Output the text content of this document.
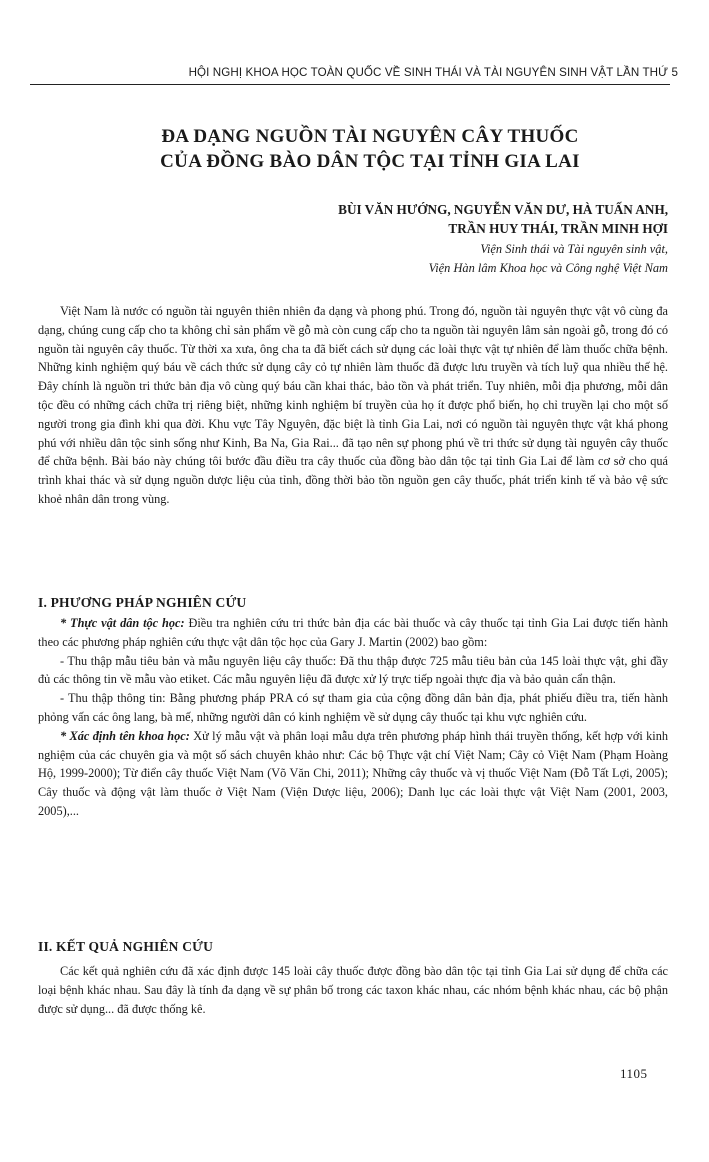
HỘI NGHỊ KHOA HỌC TOÀN QUỐC VỀ SINH THÁI VÀ TÀI NGUYÊN SINH VẬT LẦN THỨ 5
ĐA DẠNG NGUỒN TÀI NGUYÊN CÂY THUỐC
CỦA ĐỒNG BÀO DÂN TỘC TẠI TỈNH GIA LAI
BÙI VĂN HƯỚNG, NGUYỄN VĂN DƯ, HÀ TUẤN ANH,
TRẦN HUY THÁI, TRẦN MINH HỢI
Viện Sinh thái và Tài nguyên sinh vật,
Viện Hàn lâm Khoa học và Công nghệ Việt Nam

Việt Nam là nước có nguồn tài nguyên thiên nhiên đa dạng và phong phú. Trong đó, nguồn tài nguyên thực vật vô cùng đa dạng, chúng cung cấp cho ta không chỉ sản phẩm về gỗ mà còn cung cấp cho ta nguồn tài nguyên lâm sản ngoài gỗ, trong đó có nguồn tài nguyên cây thuốc. Từ thời xa xưa, ông cha ta đã biết cách sử dụng các loài thực vật tự nhiên để làm thuốc chữa bệnh. Những kinh nghiệm quý báu về cách thức sử dụng cây cỏ tự nhiên làm thuốc đã được lưu truyền và tích luỹ qua nhiều thế hệ. Đây chính là nguồn tri thức bản địa vô cùng quý báu cần khai thác, bảo tồn và phát triển. Tuy nhiên, mỗi địa phương, mỗi dân tộc đều có những cách chữa trị riêng biệt, những kinh nghiệm bí truyền của họ ít được phổ biến, họ chỉ truyền lại cho một số người trong gia đình khi qua đời. Khu vực Tây Nguyên, đặc biệt là tỉnh Gia Lai, nơi có nguồn tài nguyên thực vật khá phong phú với nhiều dân tộc sinh sống như Kinh, Ba Na, Gia Rai... đã tạo nên sự phong phú về tri thức sử dụng tài nguyên cây thuốc để chữa bệnh. Bài báo này chúng tôi bước đầu điều tra cây thuốc của đồng bào dân tộc tại tỉnh Gia Lai để làm cơ sở cho quá trình khai thác và sử dụng nguồn dược liệu của tỉnh, đồng thời bảo tồn nguồn gen cây thuốc, phát triển kinh tế và bảo vệ sức khoẻ nhân dân trong vùng.

I. PHƯƠNG PHÁP NGHIÊN CỨU

* Thực vật dân tộc học: Điều tra nghiên cứu tri thức bản địa các bài thuốc và cây thuốc tại tỉnh Gia Lai được tiến hành theo các phương pháp nghiên cứu thực vật dân tộc học của Gary J. Martin (2002) bao gồm:

- Thu thập mẫu tiêu bản và mẫu nguyên liệu cây thuốc: Đã thu thập được 725 mẫu tiêu bản của 145 loài thực vật, ghi đầy đủ các thông tin về mẫu vào etiket. Các mẫu nguyên liệu đã được xử lý trực tiếp ngoài thực địa và bảo quản cẩn thận.

- Thu thập thông tin: Bằng phương pháp PRA có sự tham gia của cộng đồng dân bản địa, phát phiếu điều tra, tiến hành phỏng vấn các ông lang, bà mế, những người dân có kinh nghiệm về sử dụng cây thuốc tại khu vực nghiên cứu.

* Xác định tên khoa học: Xử lý mẫu vật và phân loại mẫu dựa trên phương pháp hình thái truyền thống, kết hợp với kinh nghiệm của các chuyên gia và một số sách chuyên khảo như: Các bộ Thực vật chí Việt Nam; Cây cỏ Việt Nam (Phạm Hoàng Hộ, 1999-2000); Từ điển cây thuốc Việt Nam (Võ Văn Chi, 2011); Những cây thuốc và vị thuốc Việt Nam (Đỗ Tất Lợi, 2005); Cây thuốc và động vật làm thuốc ở Việt Nam (Viện Dược liệu, 2006); Danh lục các loài thực vật Việt Nam (2001, 2003, 2005),...

II. KẾT QUẢ NGHIÊN CỨU

Các kết quả nghiên cứu đã xác định được 145 loài cây thuốc được đồng bào dân tộc tại tỉnh Gia Lai sử dụng để chữa các loại bệnh khác nhau. Sau đây là tính đa dạng về sự phân bố trong các taxon khác nhau, các nhóm bệnh khác nhau, các bộ phận được sử dụng... đã được thống kê.

1105
